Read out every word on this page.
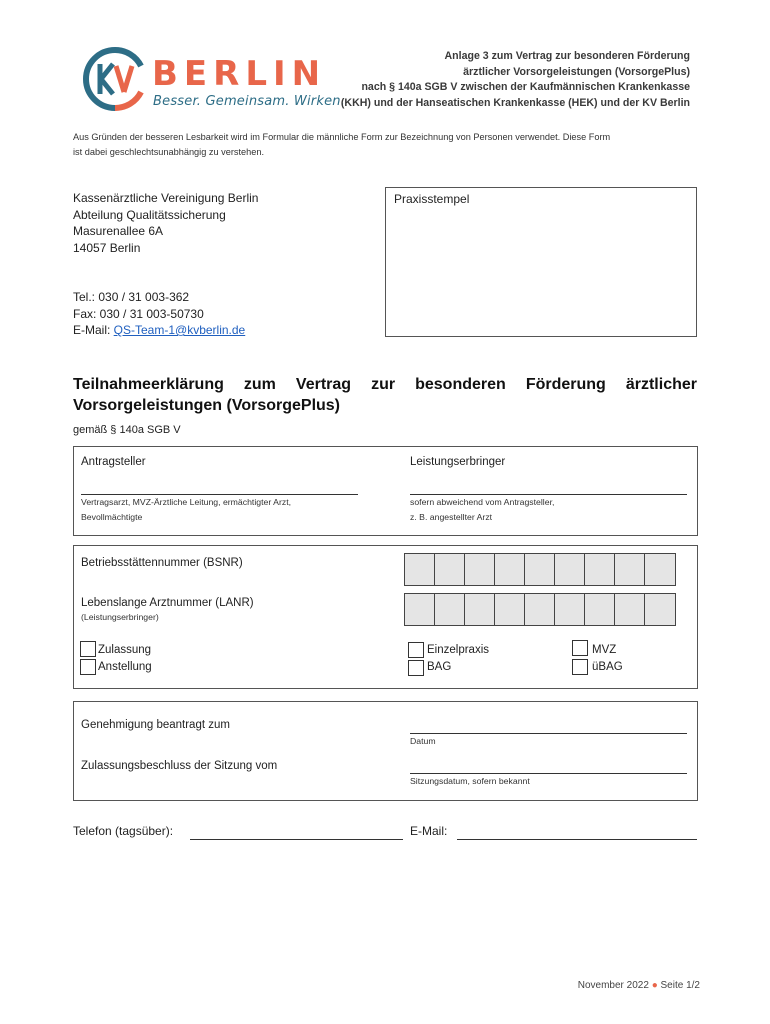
BERLIN
Besser. Gemeinsam. Wirken.
Anlage 3 zum Vertrag zur besonderen Förderung
ärztlicher Vorsorgeleistungen (VorsorgePlus)
nach § 140a SGB V zwischen der Kaufmännischen Krankenkasse
(KKH) und der Hanseatischen Krankenkasse (HEK) und der KV Berlin
Aus Gründen der besseren Lesbarkeit wird im Formular die männliche Form zur Bezeichnung von Personen verwendet. Diese Form
ist dabei geschlechtsunabhängig zu verstehen.
Kassenärztliche Vereinigung Berlin
Abteilung Qualitätssicherung
Masurenallee 6A
14057 Berlin
Tel.: 030 / 31 003-362
Fax: 030 / 31 003-50730
E-Mail: QS-Team-1@kvberlin.de
Praxisstempel
Teilnahmeerklärung zum Vertrag zur besonderen Förderung ärztlicher Vorsorgeleistungen (VorsorgePlus)
gemäß § 140a SGB V
Antragsteller
Vertragsarzt, MVZ-Ärztliche Leitung, ermächtigter Arzt,
Bevollmächtigte
Leistungserbringer
sofern abweichend vom Antragsteller,
z. B. angestellter Arzt
Betriebsstättennummer (BSNR)
Lebenslange Arztnummer (LANR)
(Leistungserbringer)
Zulassung
Anstellung
Einzelpraxis
BAG
MVZ
üBAG
Genehmigung beantragt zum
Datum
Zulassungsbeschluss der Sitzung vom
Sitzungsdatum, sofern bekannt
Telefon (tagsüber):	E-Mail:
November 2022 ● Seite 1/2
